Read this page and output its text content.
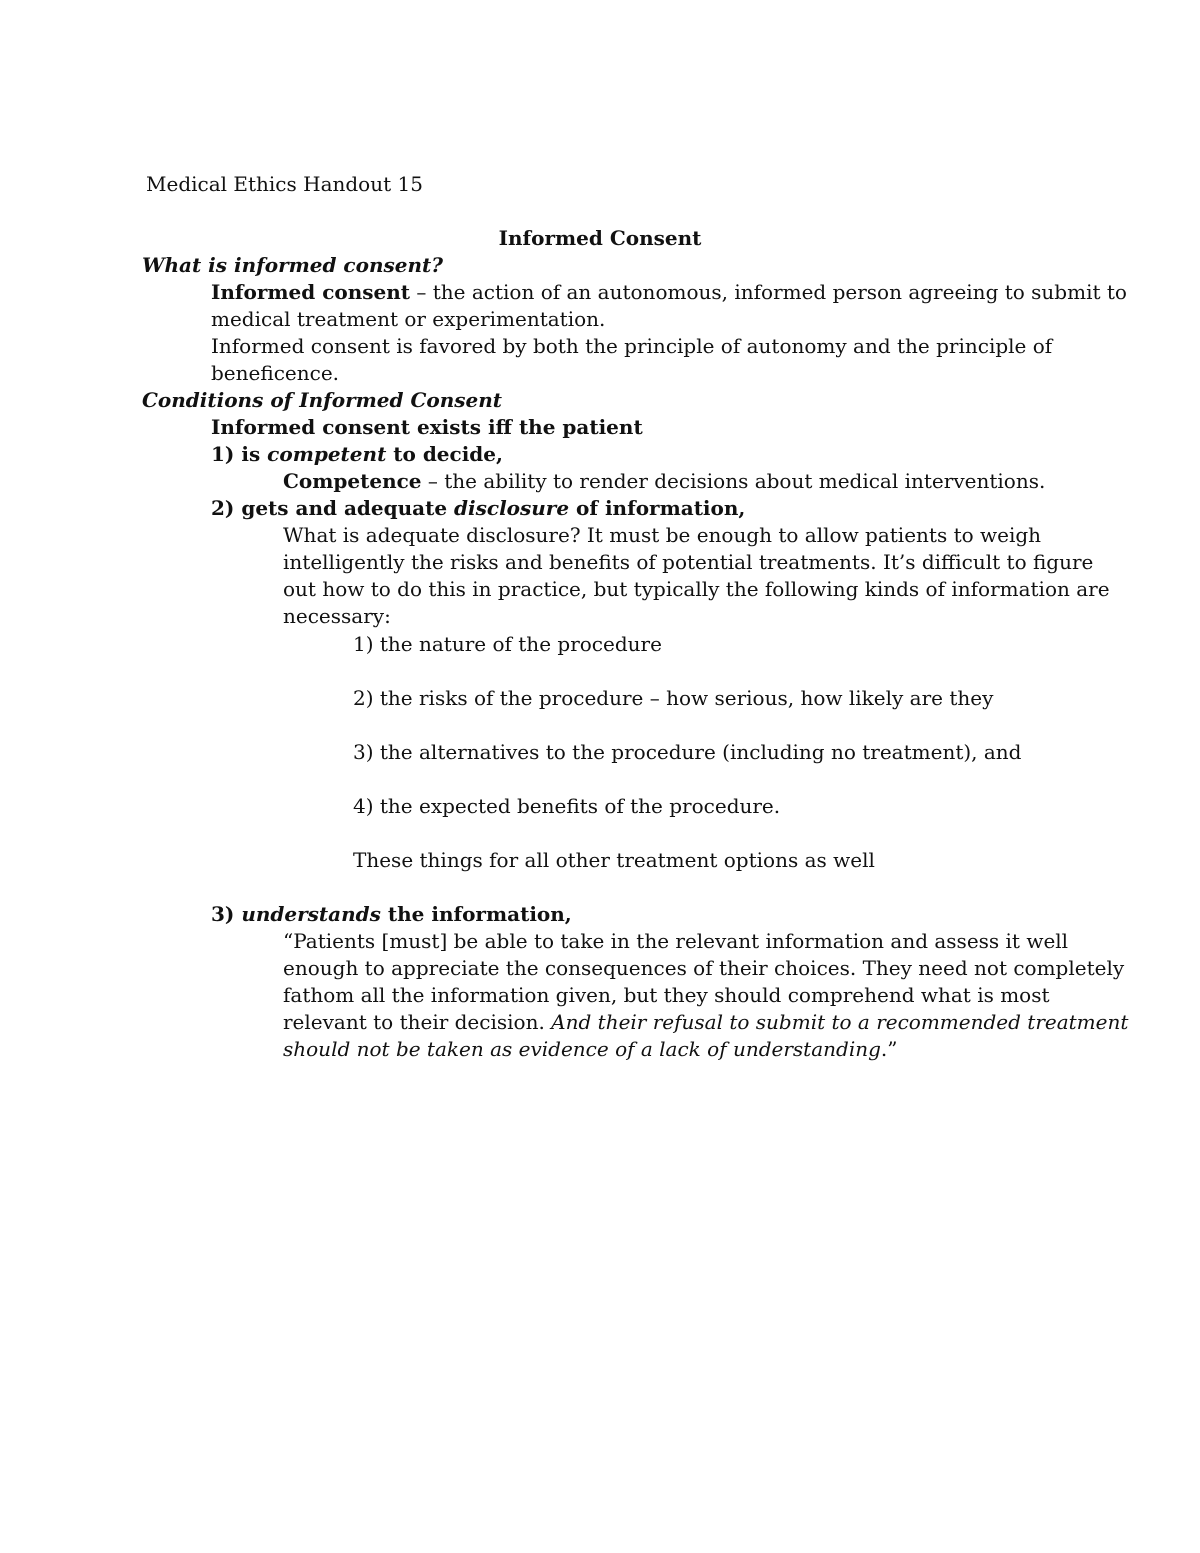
Medical Ethics Handout 15
Informed Consent
What is informed consent?
Informed consent – the action of an autonomous, informed person agreeing to submit to
medical treatment or experimentation.
Informed consent is favored by both the principle of autonomy and the principle of
beneficence.
Conditions of Informed Consent
Informed consent exists iff the patient
1) is competent to decide,
Competence – the ability to render decisions about medical interventions.
2) gets and adequate disclosure of information,
What is adequate disclosure? It must be enough to allow patients to weigh
intelligently the risks and benefits of potential treatments. It’s difficult to figure
out how to do this in practice, but typically the following kinds of information are
necessary:
1) the nature of the procedure
2) the risks of the procedure – how serious, how likely are they
3) the alternatives to the procedure (including no treatment), and
4) the expected benefits of the procedure.
These things for all other treatment options as well
3) understands the information,
“Patients [must] be able to take in the relevant information and assess it well
enough to appreciate the consequences of their choices. They need not completely
fathom all the information given, but they should comprehend what is most
relevant to their decision. And their refusal to submit to a recommended treatment
should not be taken as evidence of a lack of understanding.”
